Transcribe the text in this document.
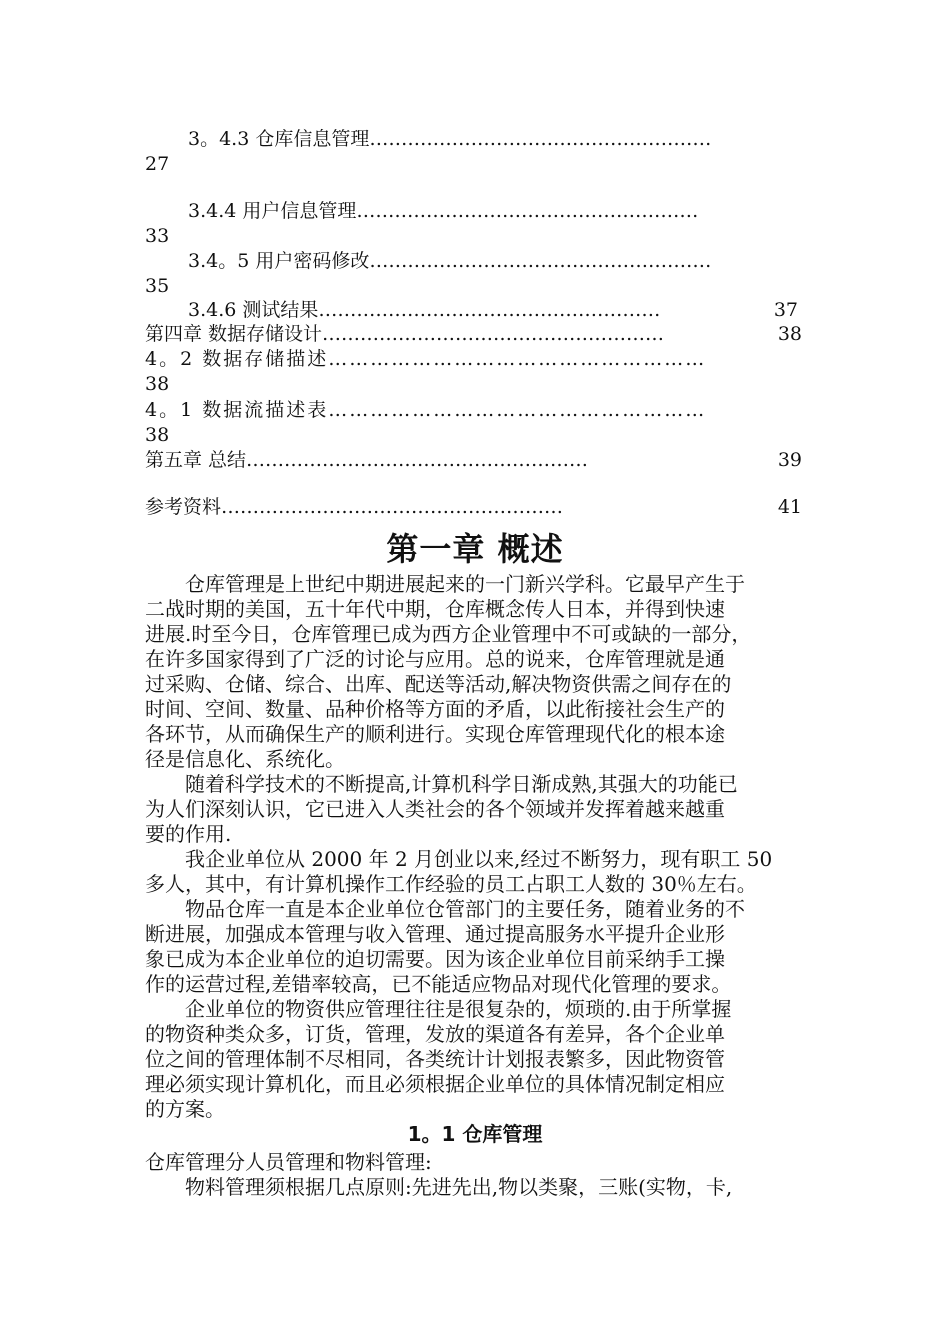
3。4.3 仓库信息管理………………………………………………
27
3.4.4 用户信息管理………………………………………………
33
3.4。5 用户密码修改………………………………………………
35
3.4.6 测试结果………………………………………………	37
第四章 数据存储设计………………………………………………	38
4。2 数据存储描述………………………………………………
38
4。1 数据流描述表………………………………………………
38
第五章 总结………………………………………………	39
参考资料………………………………………………	41
第一章 概述
　　仓库管理是上世纪中期进展起来的一门新兴学科。它最早产生于
二战时期的美国，五十年代中期，仓库概念传人日本，并得到快速
进展.时至今日，仓库管理已成为西方企业管理中不可或缺的一部分，
在许多国家得到了广泛的讨论与应用。总的说来，仓库管理就是通
过采购、仓储、综合、出库、配送等活动,解决物资供需之间存在的
时间、空间、数量、品种价格等方面的矛盾，以此衔接社会生产的
各环节，从而确保生产的顺利进行。实现仓库管理现代化的根本途
径是信息化、系统化。
　　随着科学技术的不断提高,计算机科学日渐成熟,其强大的功能已
为人们深刻认识，它已进入人类社会的各个领域并发挥着越来越重
要的作用.
　　我企业单位从 2000 年 2 月创业以来,经过不断努力，现有职工 50
多人，其中，有计算机操作工作经验的员工占职工人数的 30％左右。
　　物品仓库一直是本企业单位仓管部门的主要任务，随着业务的不
断进展，加强成本管理与收入管理、通过提高服务水平提升企业形
象已成为本企业单位的迫切需要。因为该企业单位目前采纳手工操
作的运营过程,差错率较高，已不能适应物品对现代化管理的要求。
　　企业单位的物资供应管理往往是很复杂的，烦琐的.由于所掌握
的物资种类众多，订货，管理，发放的渠道各有差异，各个企业单
位之间的管理体制不尽相同，各类统计计划报表繁多，因此物资管
理必须实现计算机化，而且必须根据企业单位的具体情况制定相应
的方案。
1。1 仓库管理
仓库管理分人员管理和物料管理:
　　物料管理须根据几点原则:先进先出,物以类聚，三账(实物，卡,
